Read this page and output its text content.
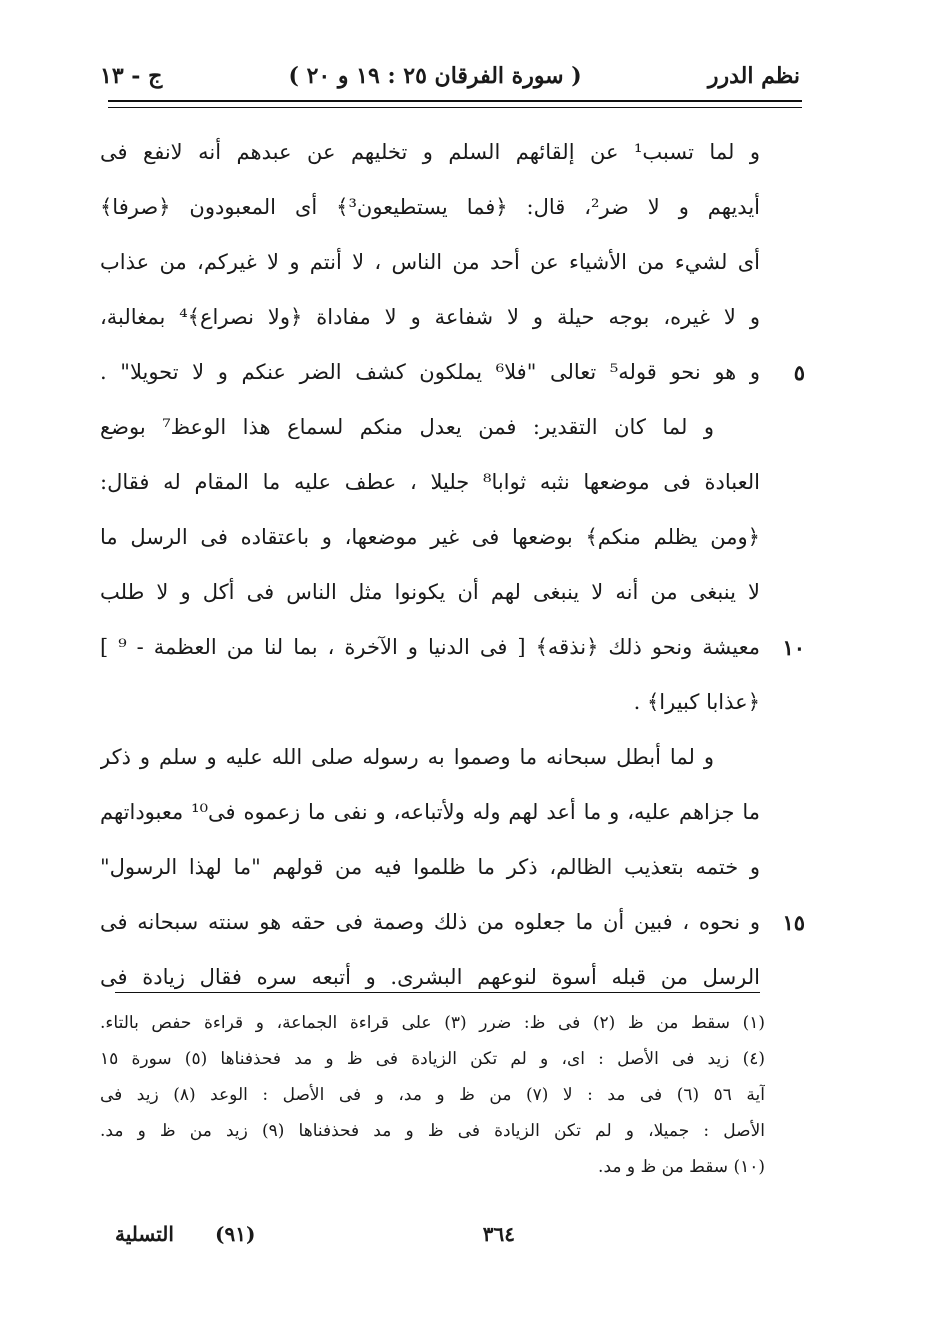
ج - ١٣	( سورة الفرقان ٢٥ : ١٩ و ٢٠ )	نظم الدرر
و لما تسبب¹ عن إلقائهم السلم و تخليهم عن عبدهم أنه لانفع فى
أيديهم و لا ضر²، قال: ﴿فما يستطيعون³﴾ أى المعبودون ﴿صرفا﴾
أى لشيء من الأشياء عن أحد من الناس ، لا أنتم و لا غيركم، من عذاب
و لا غيره، بوجه حيلة و لا شفاعة و لا مفاداة ﴿ولا نصراع﴾⁴ بمغالبة،
و هو نحو قوله⁵ تعالى "فلا⁶ يملكون كشف الضر عنكم و لا تحويلا" .
و لما كان التقدير: فمن يعدل منكم لسماع هذا الوعظ⁷ بوضع
العبادة فى موضعها نثبه ثوابا⁸ جليلا ، عطف عليه ما المقام له فقال:
﴿ومن يظلم منكم﴾ بوضعها فى غير موضعها، و باعتقاده فى الرسل ما
لا ينبغى من أنه لا ينبغى لهم أن يكونوا مثل الناس فى أكل و لا طلب
معيشة ونحو ذلك ﴿نذقه﴾ [ فى الدنيا و الآخرة ، بما لنا من العظمة - ⁹ ]
﴿عذابا كبيرا﴾ .
و لما أبطل سبحانه ما وصموا به رسوله صلى الله عليه و سلم و ذكر
ما جزاهم عليه، و ما أعد لهم وله ولأتباعه، و نفى ما زعموه فى¹⁰ معبوداتهم
و ختمه بتعذيب الظالم، ذكر ما ظلموا فيه من قولهم "ما لهذا الرسول"
و نحوه ، فبين أن ما جعلوه من ذلك وصمة فى حقه هو سنته سبحانه فى
الرسل من قبله أسوة لنوعهم البشرى. و أتبعه سره فقال زيادة فى
٥
١٠
١٥
(١) سقط من ظ (٢) فى ظ: ضرر (٣) على قراءة الجماعة، و قراءة حفص بالتاء.
(٤) زيد فى الأصل : اى، و لم تكن الزيادة فى ظ و مد فحذفناها (٥) سورة ١٥
آية ٥٦ (٦) فى مد : لا (٧) من ظ و مد، و فى الأصل : الوعد (٨) زيد فى
الأصل : جميلا، و لم تكن الزيادة فى ظ و مد فحذفناها (٩) زيد من ظ و مد.
(١٠) سقط من ظ و مد.
٣٦٤
(٩١)
التسلية
